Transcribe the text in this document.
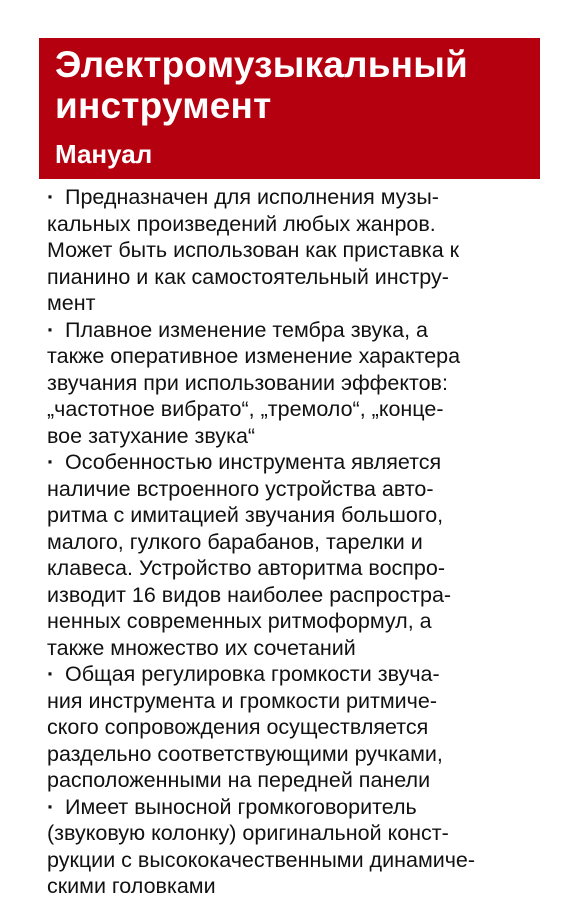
Электромузыкальный
инструмент
Мануал
· Предназначен для исполнения музы-
кальных произведений любых жанров.
Может быть использован как приставка к
пианино и как самостоятельный инстру-
мент
· Плавное изменение тембра звука, а
также оперативное изменение характера
звучания при использовании эффектов:
„частотное вибрато“, „тремоло“, „конце-
вое затухание звука“
· Особенностью инструмента является
наличие встроенного устройства авто-
ритма с имитацией звучания большого,
малого, гулкого барабанов, тарелки и
клавеса. Устройство авторитма воспро-
изводит 16 видов наиболее распростра-
ненных современных ритмоформул, а
также множество их сочетаний
· Общая регулировка громкости звуча-
ния инструмента и громкости ритмиче-
ского сопровождения осуществляется
раздельно соответствующими ручками,
расположенными на передней панели
· Имеет выносной громкоговоритель
(звуковую колонку) оригинальной конст-
рукции с высококачественными динамиче-
скими головками
